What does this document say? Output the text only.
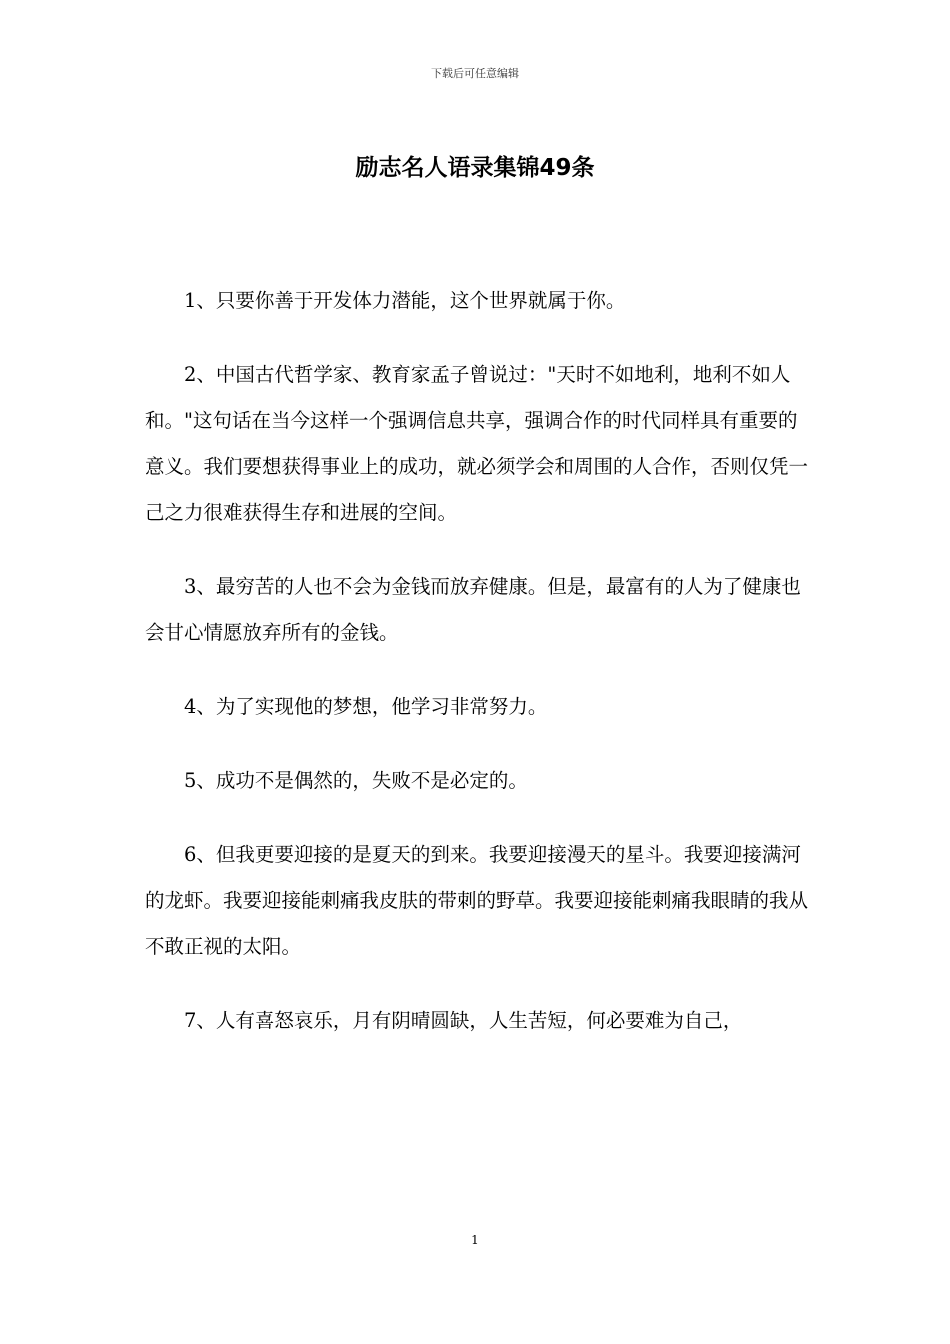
下载后可任意编辑
励志名人语录集锦49条

1、只要你善于开发体力潜能，这个世界就属于你。

2、中国古代哲学家、教育家孟子曾说过："天时不如地利，地利不如人和。"这句话在当今这样一个强调信息共享，强调合作的时代同样具有重要的意义。我们要想获得事业上的成功，就必须学会和周围的人合作，否则仅凭一己之力很难获得生存和进展的空间。

3、最穷苦的人也不会为金钱而放弃健康。但是，最富有的人为了健康也会甘心情愿放弃所有的金钱。

4、为了实现他的梦想，他学习非常努力。

5、成功不是偶然的，失败不是必定的。

6、但我更要迎接的是夏天的到来。我要迎接漫天的星斗。我要迎接满河的龙虾。我要迎接能刺痛我皮肤的带刺的野草。我要迎接能刺痛我眼睛的我从不敢正视的太阳。

7、人有喜怒哀乐，月有阴晴圆缺，人生苦短，何必要难为自己，

1
